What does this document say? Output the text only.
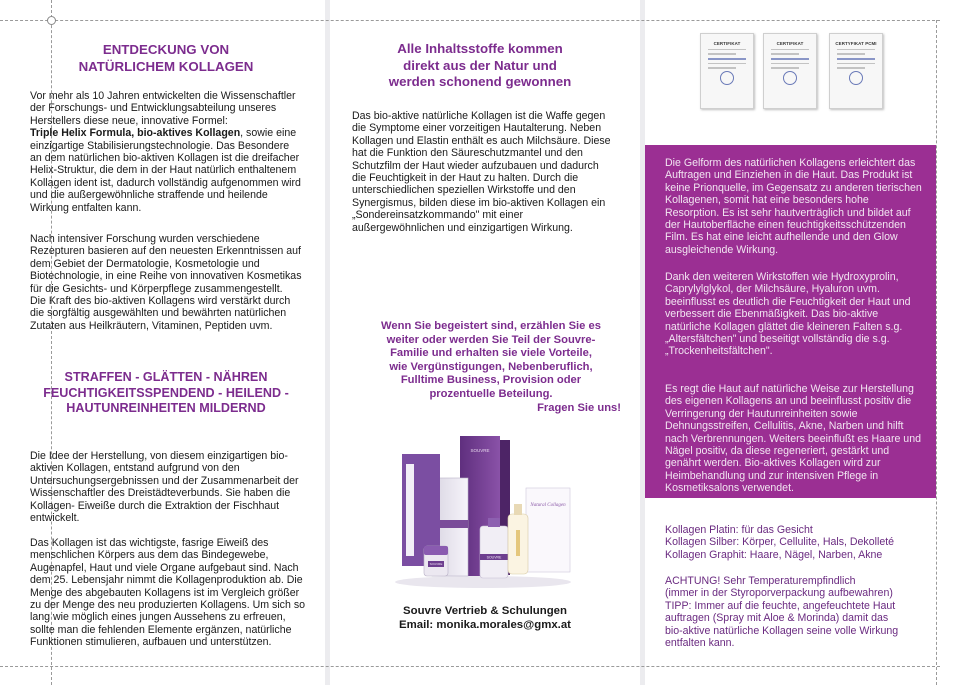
ENTDECKUNG VON
NATÜRLICHEM KOLLAGEN
Vor mehr als 10 Jahren entwickelten die Wissenschaftler
der Forschungs- und Entwicklungsabteilung unseres
Herstellers diese neue, innovative Formel:
Triple Helix Formula, bio-aktives Kollagen, sowie eine
einzigartige Stabilisierungstechnologie. Das Besondere
an dem natürlichen bio-aktiven Kollagen ist die dreifacher
Helix-Struktur, die dem in der Haut natürlich enthaltenem
Kollagen ident ist, dadurch vollständig aufgenommen wird
und die außergewöhnliche straffende und heilende
Wirkung entfalten kann.
Nach intensiver Forschung wurden verschiedene
Rezepturen basieren auf den neuesten Erkenntnissen auf
dem Gebiet der Dermatologie, Kosmetologie und
Biotechnologie, in eine Reihe von innovativen Kosmetikas
für die Gesichts- und Körperpflege zusammengestellt.
Die Kraft des bio-aktiven Kollagens wird verstärkt durch
die sorgfältig ausgewählten und bewährten natürlichen
Zutaten aus Heilkräutern, Vitaminen, Peptiden uvm.
STRAFFEN - GLÄTTEN - NÄHREN
FEUCHTIGKEITSSPENDEND - HEILEND -
HAUTUNREINHEITEN MILDERND
Die Idee der Herstellung, von diesem einzigartigen bio-
aktiven Kollagen, entstand aufgrund von den
Untersuchungsergebnissen und der Zusammenarbeit der
Wissenschaftler des Dreistädteverbunds. Sie haben die
Kollagen- Eiweiße durch die Extraktion der Fischhaut
entwickelt.
Das Kollagen ist das wichtigste, fasrige Eiweiß des
menschlichen Körpers aus dem das Bindegewebe,
Augenapfel, Haut und viele Organe aufgebaut sind. Nach
dem 25. Lebensjahr nimmt die Kollagenproduktion ab. Die
Menge des abgebauten Kollagens ist im Vergleich größer
zu der Menge des neu produzierten Kollagens. Um sich so
lang wie möglich eines jungen Aussehens zu erfreuen,
sollte man die fehlenden Elemente ergänzen, natürliche
Funktionen stimulieren, aufbauen und unterstützen.
Alle Inhaltsstoffe kommen
direkt aus der Natur und
werden schonend gewonnen
Das bio-aktive natürliche Kollagen ist die Waffe gegen
die Symptome einer vorzeitigen Hautalterung. Neben
Kollagen und Elastin enthält es auch Milchsäure. Diese
hat die Funktion den Säureschutzmantel und den
Schutzfilm der Haut wieder aufzubauen und dadurch
die Feuchtigkeit in der Haut zu halten. Durch die
unterschiedlichen speziellen Wirkstoffe und den
Synergismus, bilden diese im bio-aktiven Kollagen ein
„Sondereinsatzkommando" mit einer
außergewöhnlichen und einzigartigen Wirkung.
Wenn Sie begeistert sind, erzählen Sie es
weiter oder werden Sie Teil der Souvre-
Familie und erhalten sie viele Vorteile,
wie Vergünstigungen, Nebenberuflich,
Fulltime Business, Provision oder
prozentuelle Beteilung.
Fragen Sie uns!
SOUVRE
SOUVRE
SOUVRE
Natural Collagen
Souvre Vertrieb & Schulungen
Email: monika.morales@gmx.at
CERTIFIKAT	CERTIFIKAT	CERTYFIKAT PCMI
Die Gelform des natürlichen Kollagens erleichtert das
Auftragen und Einziehen in die Haut. Das Produkt ist
keine Prionquelle, im Gegensatz zu anderen tierischen
Kollagenen, somit hat eine besonders hohe
Resorption. Es ist sehr hautverträglich und bildet auf
der Hautoberfläche einen feuchtigkeitsschützenden
Film. Es hat eine leicht aufhellende und den Glow
ausgleichende Wirkung.
Dank den weiteren Wirkstoffen wie Hydroxyprolin,
Caprylylglykol, der Milchsäure, Hyaluron uvm.
beeinflusst es deutlich die Feuchtigkeit der Haut und
verbessert die Ebenmäßigkeit. Das bio-aktive
natürliche Kollagen glättet die kleineren Falten s.g.
„Altersfältchen" und beseitigt vollständig die s.g.
„Trockenheitsfältchen".
Es regt die Haut auf natürliche Weise zur Herstellung
des eigenen Kollagens an und beeinflusst positiv die
Verringerung der Hautunreinheiten sowie
Dehnungsstreifen, Cellulitis, Akne, Narben und hilft
nach Verbrennungen. Weiters beeinflußt es Haare und
Nägel positiv, da diese regeneriert, gestärkt und
genährt werden. Bio-aktives Kollagen wird zur
Heimbehandlung und zur intensiven Pflege in
Kosmetiksalons verwendet.
Kollagen Platin: für das Gesicht
Kollagen Silber: Körper, Cellulite, Hals, Dekolleté
Kollagen Graphit: Haare, Nägel, Narben, Akne
ACHTUNG! Sehr Temperaturempfindlich
(immer in der Styroporverpackung aufbewahren)
TIPP: Immer auf die feuchte, angefeuchtete Haut
auftragen (Spray mit Aloe & Morinda) damit das
bio-aktive natürliche Kollagen seine volle Wirkung
entfalten kann.
